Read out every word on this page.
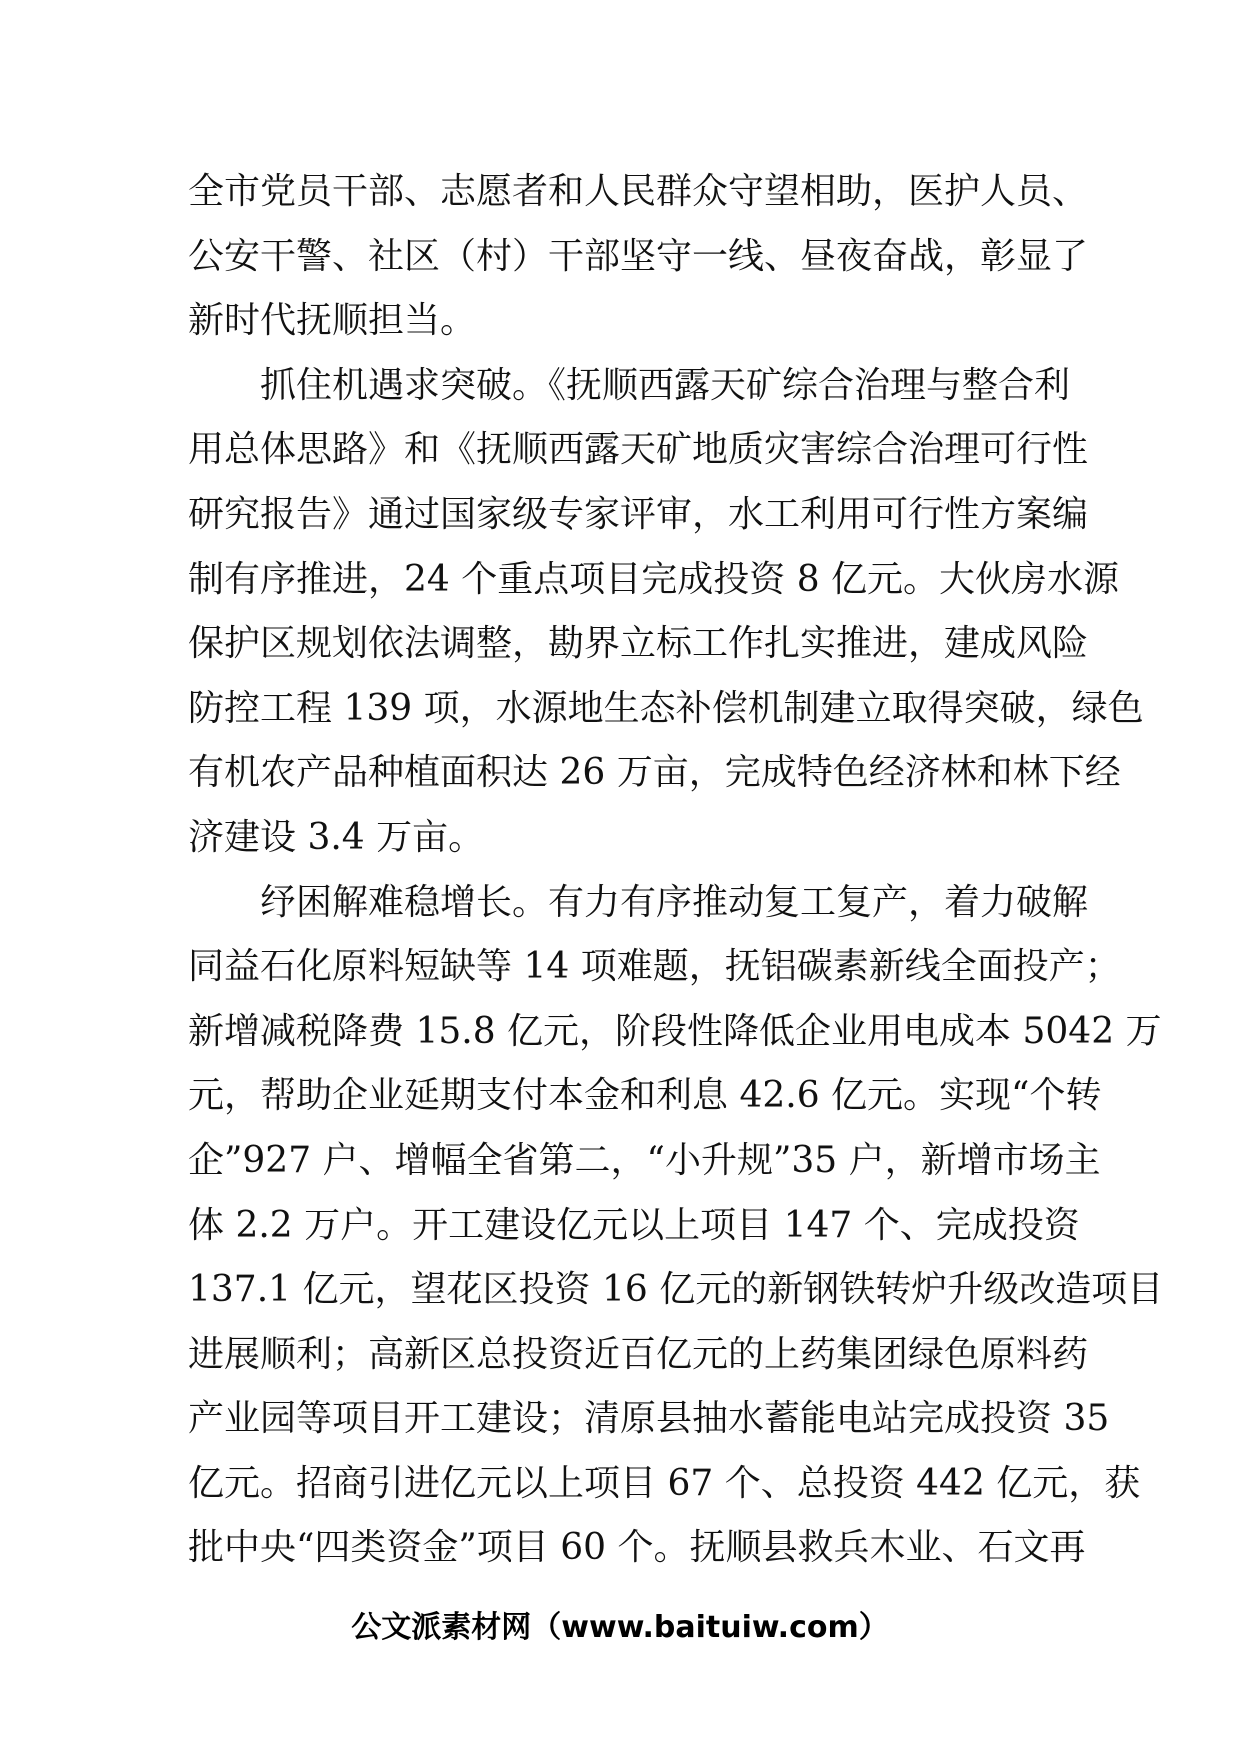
全市党员干部、志愿者和人民群众守望相助，医护人员、
公安干警、社区（村）干部坚守一线、昼夜奋战，彰显了
新时代抚顺担当。
　　抓住机遇求突破。《抚顺西露天矿综合治理与整合利
用总体思路》和《抚顺西露天矿地质灾害综合治理可行性
研究报告》通过国家级专家评审，水工利用可行性方案编
制有序推进，24 个重点项目完成投资 8 亿元。大伙房水源
保护区规划依法调整，勘界立标工作扎实推进，建成风险
防控工程 139 项，水源地生态补偿机制建立取得突破，绿色
有机农产品种植面积达 26 万亩，完成特色经济林和林下经
济建设 3.4 万亩。
　　纾困解难稳增长。有力有序推动复工复产，着力破解
同益石化原料短缺等 14 项难题，抚铝碳素新线全面投产；
新增减税降费 15.8 亿元，阶段性降低企业用电成本 5042 万
元，帮助企业延期支付本金和利息 42.6 亿元。实现“个转
企”927 户、增幅全省第二，“小升规”35 户，新增市场主
体 2.2 万户。开工建设亿元以上项目 147 个、完成投资
137.1 亿元，望花区投资 16 亿元的新钢铁转炉升级改造项目
进展顺利；高新区总投资近百亿元的上药集团绿色原料药
产业园等项目开工建设；清原县抽水蓄能电站完成投资 35
亿元。招商引进亿元以上项目 67 个、总投资 442 亿元，获
批中央“四类资金”项目 60 个。抚顺县救兵木业、石文再
公文派素材网（www.baituiw.com）
